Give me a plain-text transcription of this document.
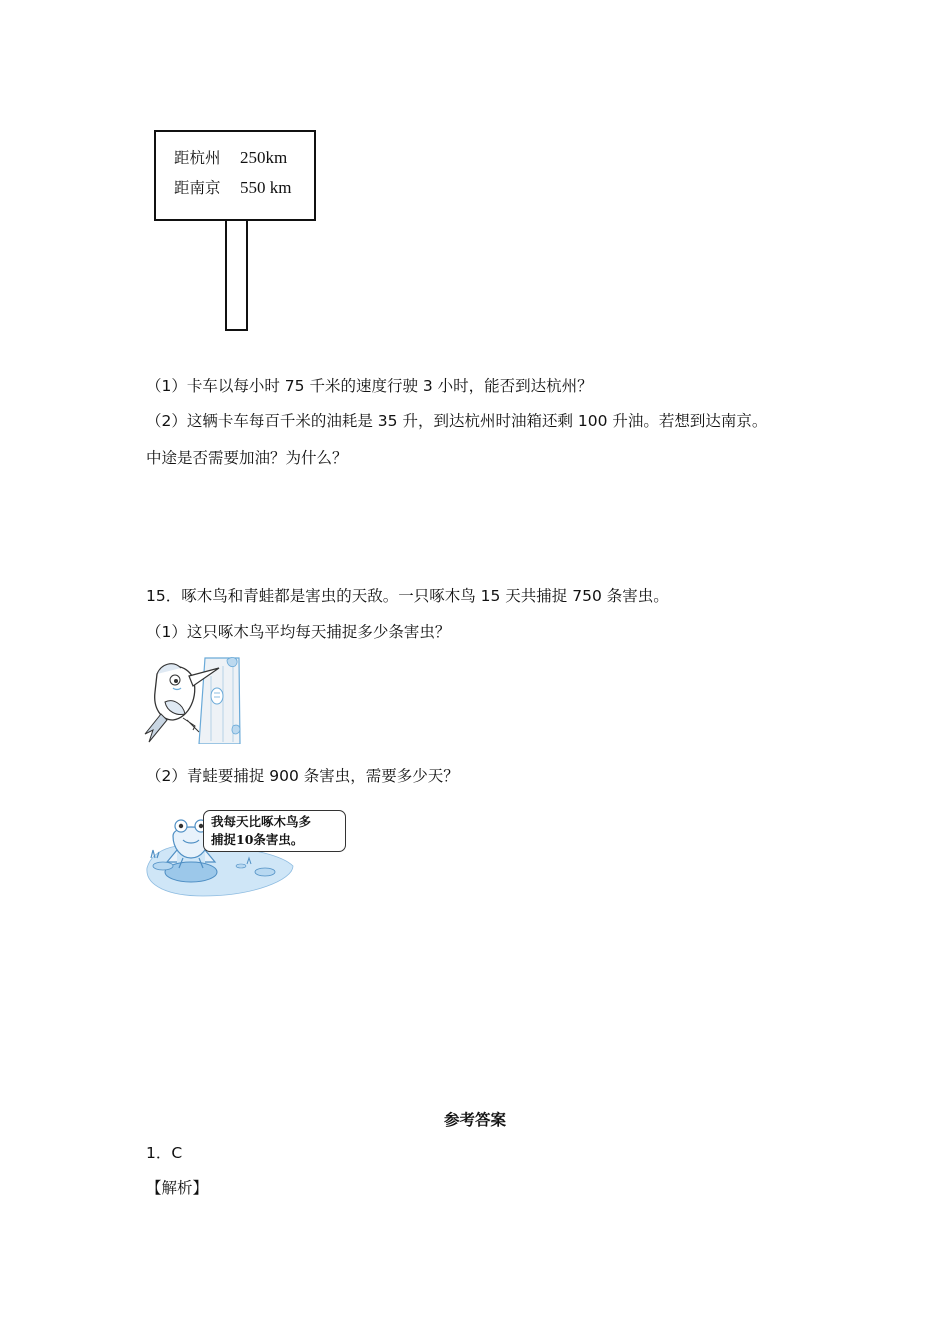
距杭州 250km
距南京 550 km
（1）卡车以每小时 75 千米的速度行驶 3 小时，能否到达杭州？
（2）这辆卡车每百千米的油耗是 35 升，到达杭州时油箱还剩 100 升油。若想到达南京。
中途是否需要加油？为什么？
15．啄木鸟和青蛙都是害虫的天敌。一只啄木鸟 15 天共捕捉 750 条害虫。
（1）这只啄木鸟平均每天捕捉多少条害虫？
（2）青蛙要捕捉 900 条害虫，需要多少天？
我每天比啄木鸟多
捕捉10条害虫。
参考答案
1．C
【解析】
